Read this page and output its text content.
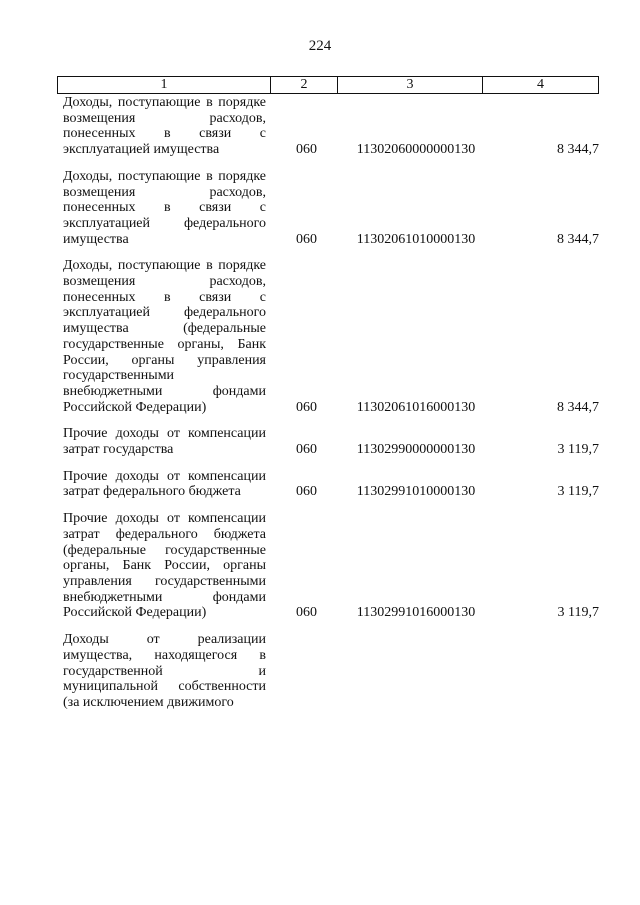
224
1	2	3	4
Доходы, поступающие в порядке возмещения расходов, понесенных в связи с эксплуатацией имущества	060	11302060000000130	8 344,7
Доходы, поступающие в порядке возмещения расходов, понесенных в связи с эксплуатацией федерального имущества	060	11302061010000130	8 344,7
Доходы, поступающие в порядке возмещения расходов, понесенных в связи с эксплуатацией федерального имущества (федеральные государственные органы, Банк России, органы управления государственными внебюджетными фондами Российской Федерации)	060	11302061016000130	8 344,7
Прочие доходы от компенсации затрат государства	060	11302990000000130	3 119,7
Прочие доходы от компенсации затрат федерального бюджета	060	11302991010000130	3 119,7
Прочие доходы от компенсации затрат федерального бюджета (федеральные государственные органы, Банк России, органы управления государственными внебюджетными фондами Российской Федерации)	060	11302991016000130	3 119,7
Доходы от реализации имущества, находящегося в государственной и муниципальной собственности (за исключением движимого
